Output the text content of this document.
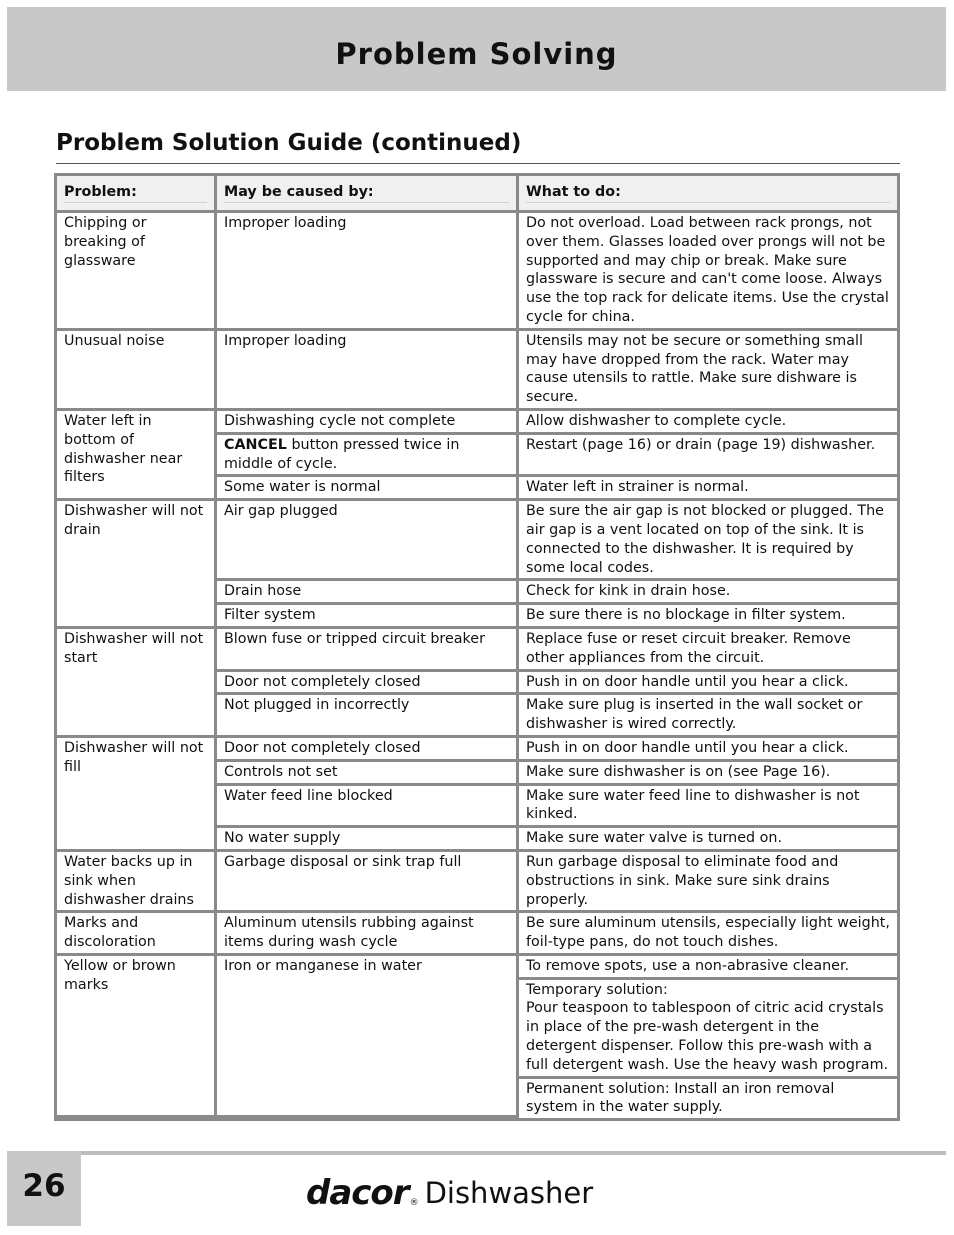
Problem Solving
Problem Solution Guide (continued)
Problem:	May be caused by:	What to do:

Chipping or breaking of glassware	Improper loading	Do not overload. Load between rack prongs, not over them. Glasses loaded over prongs will not be supported and may chip or break. Make sure glassware is secure and can't come loose. Always use the top rack for delicate items. Use the crystal cycle for china.
Unusual noise	Improper loading	Utensils may not be secure or something small may have dropped from the rack. Water may cause utensils to rattle. Make sure dishware is secure.
Water left in bottom of dishwasher near filters	Dishwashing cycle not complete	Allow dishwasher to complete cycle.
	CANCEL button pressed twice in middle of cycle.	Restart (page 16) or drain (page 19) dishwasher.
	Some water is normal	Water left in strainer is normal.
Dishwasher will not drain	Air gap plugged	Be sure the air gap is not blocked or plugged. The air gap is a vent located on top of the sink. It is connected to the dishwasher. It is required by some local codes.
	Drain hose	Check for kink in drain hose.
	Filter system	Be sure there is no blockage in filter system.
Dishwasher will not start	Blown fuse or tripped circuit breaker	Replace fuse or reset circuit breaker. Remove other appliances from the circuit.
	Door not completely closed	Push in on door handle until you hear a click.
	Not plugged in incorrectly	Make sure plug is inserted in the wall socket or dishwasher is wired correctly.
Dishwasher will not fill	Door not completely closed	Push in on door handle until you hear a click.
	Controls not set	Make sure dishwasher is on (see Page 16).
	Water feed line blocked	Make sure water feed line to dishwasher is not kinked.
	No water supply	Make sure water valve is turned on.
Water backs up in sink when dishwasher drains	Garbage disposal or sink trap full	Run garbage disposal to eliminate food and obstructions in sink. Make sure sink drains properly.
Marks and discoloration	Aluminum utensils rubbing against items during wash cycle	Be sure aluminum utensils, especially light weight, foil-type pans, do not touch dishes.
Yellow or brown marks	Iron or manganese in water	To remove spots, use a non-abrasive cleaner.

		Temporary solution:
Pour teaspoon to tablespoon of citric acid crystals in place of the pre-wash detergent in the detergent dispenser. Follow this pre-wash with a full detergent wash. Use the heavy wash program.

		Permanent solution: Install an iron removal system in the water supply.
26	dacor ® Dishwasher
